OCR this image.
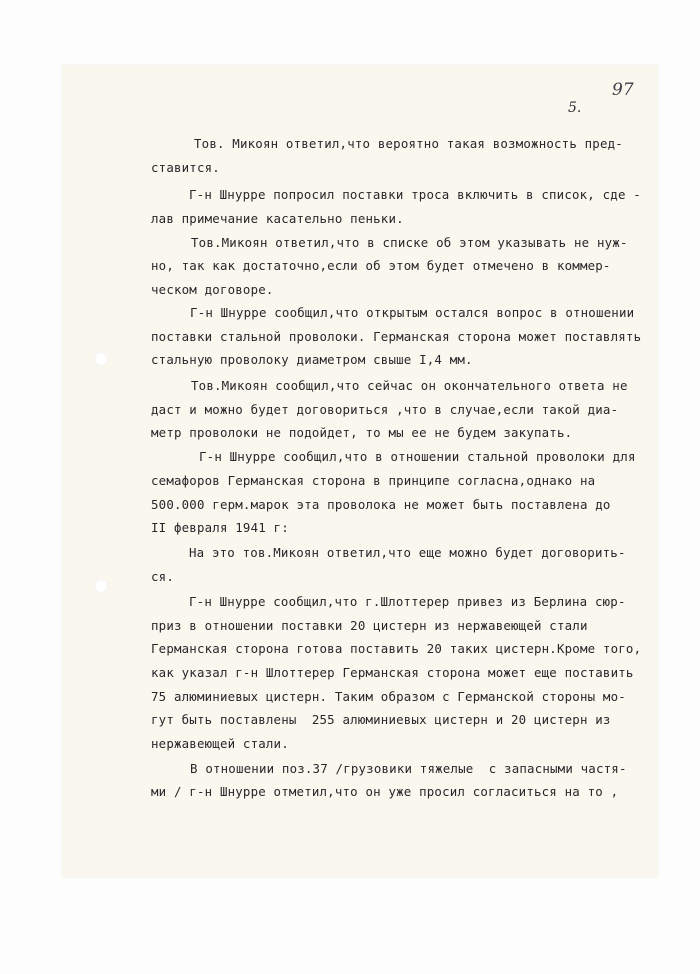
97
5.
Тов. Микоян ответил,что вероятно такая возможность пред-
ставится.
Г-н Шнурре попросил поставки троса включить в список, сде -
лав примечание касательно пеньки.
Тов.Микоян ответил,что в списке об этом указывать не нуж-
но, так как достаточно,если об этом будет отмечено в коммер-
ческом договоре.
Г-н Шнурре сообщил,что открытым остался вопрос в отношении
поставки стальной проволоки. Германская сторона может поставлять
стальную проволоку диаметром свыше I,4 мм.
Тов.Микоян сообщил,что сейчас он окончательного ответа не
даст и можно будет договориться ,что в случае,если такой диа-
метр проволоки не подойдет, то мы ее не будем закупать.
Г-н Шнурре сообщил,что в отношении стальной проволоки для
семафоров Германская сторона в принципе согласна,однако на
500.000 герм.марок эта проволока не может быть поставлена до
II февраля 1941 г:
На это тов.Микоян ответил,что еще можно будет договорить-
ся.
Г-н Шнурре сообщил,что г.Шлоттерер привез из Берлина сюр-
приз в отношении поставки 20 цистерн из нержавеющей стали
Германская сторона готова поставить 20 таких цистерн.Кроме того,
как указал г-н Шлоттерер Германская сторона может еще поставить
75 алюминиевых цистерн. Таким образом с Германской стороны мо-
гут быть поставлены  255 алюминиевых цистерн и 20 цистерн из
нержавеющей стали.
В отношении поз.37 /грузовики тяжелые  с запасными частя-
ми / г-н Шнурре отметил,что он уже просил согласиться на то ,
